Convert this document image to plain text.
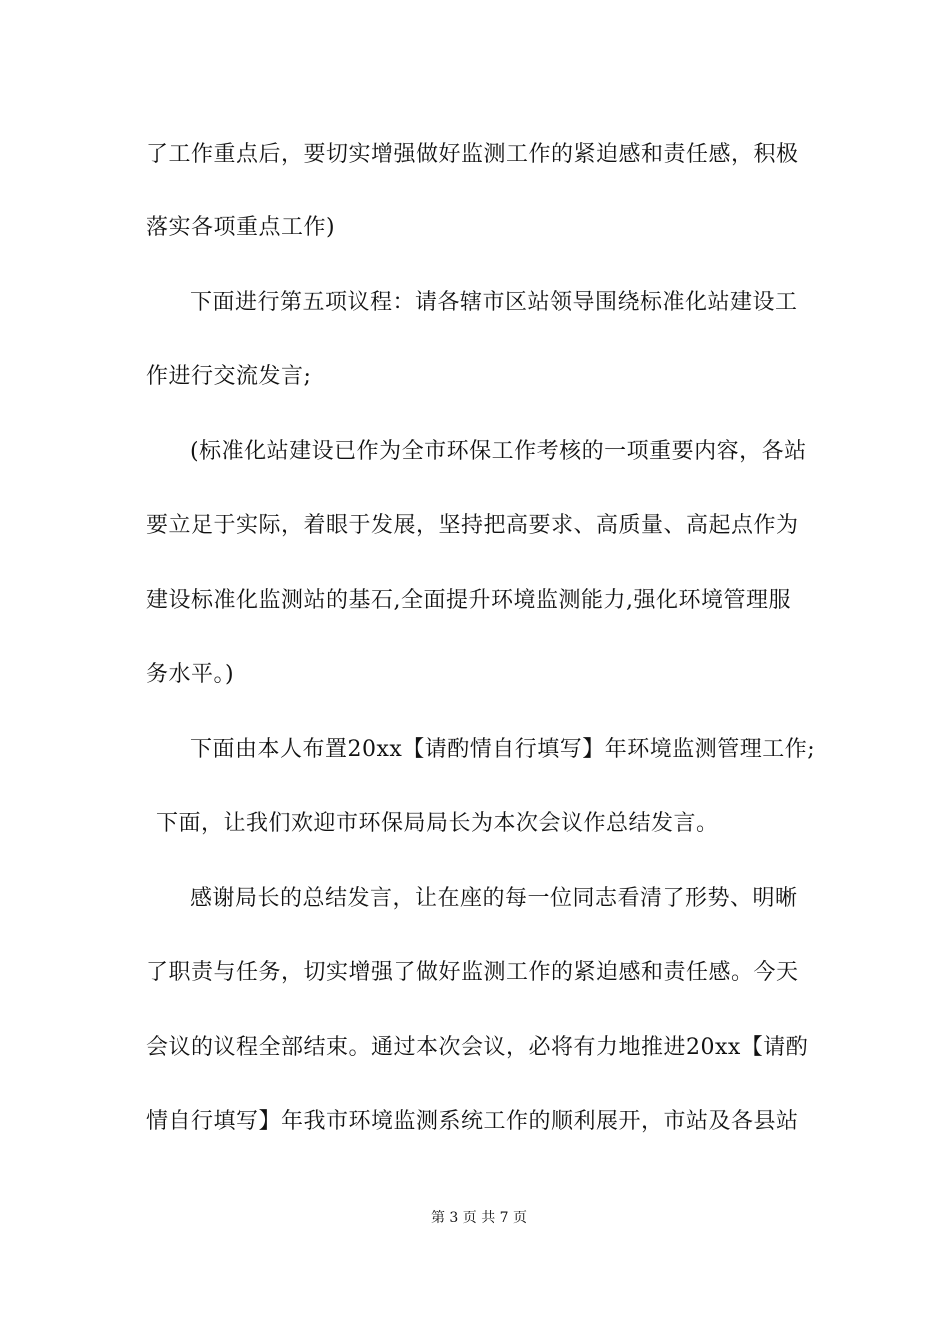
了工作重点后，要切实增强做好监测工作的紧迫感和责任感，积极
落实各项重点工作)
下面进行第五项议程：请各辖市区站领导围绕标准化站建设工
作进行交流发言;
(标准化站建设已作为全市环保工作考核的一项重要内容，各站
要立足于实际，着眼于发展，坚持把高要求、高质量、高起点作为
建设标准化监测站的基石,全面提升环境监测能力,强化环境管理服
务水平。)
下面由本人布置20xx【请酌情自行填写】年环境监测管理工作;
下面，让我们欢迎市环保局局长为本次会议作总结发言。
感谢局长的总结发言，让在座的每一位同志看清了形势、明晰
了职责与任务，切实增强了做好监测工作的紧迫感和责任感。今天
会议的议程全部结束。通过本次会议，必将有力地推进20xx【请酌
情自行填写】年我市环境监测系统工作的顺利展开，市站及各县站
第 3 页 共 7 页
